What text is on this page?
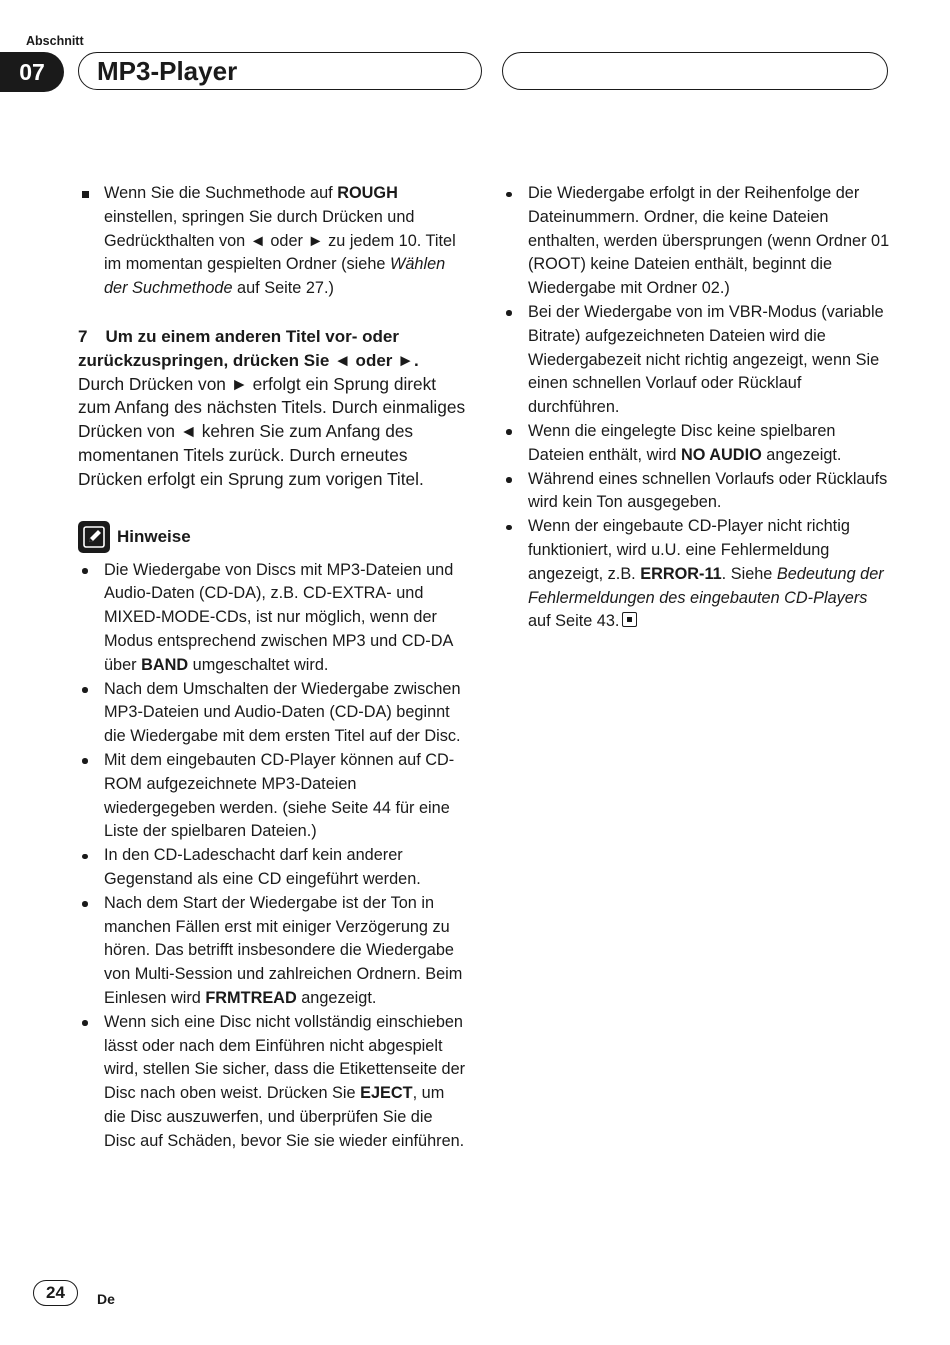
Abschnitt
07	MP3-Player
Wenn Sie die Suchmethode auf ROUGH einstellen, springen Sie durch Drücken und Gedrückthalten von ◄ oder ► zu jedem 10. Titel im momentan gespielten Ordner (siehe Wählen der Suchmethode auf Seite 27.)
7 Um zu einem anderen Titel vor- oder zurückzuspringen, drücken Sie ◄ oder ►.

Durch Drücken von ► erfolgt ein Sprung direkt zum Anfang des nächsten Titels. Durch einmaliges Drücken von ◄ kehren Sie zum Anfang des momentanen Titels zurück. Durch erneutes Drücken erfolgt ein Sprung zum vorigen Titel.

Hinweise
Die Wiedergabe von Discs mit MP3-Dateien und Audio-Daten (CD-DA), z.B. CD-EXTRA- und MIXED-MODE-CDs, ist nur möglich, wenn der Modus entsprechend zwischen MP3 und CD-DA über BAND umgeschaltet wird.
Nach dem Umschalten der Wiedergabe zwischen MP3-Dateien und Audio-Daten (CD-DA) beginnt die Wiedergabe mit dem ersten Titel auf der Disc.
Mit dem eingebauten CD-Player können auf CD-ROM aufgezeichnete MP3-Dateien wiedergegeben werden. (siehe Seite 44 für eine Liste der spielbaren Dateien.)
In den CD-Ladeschacht darf kein anderer Gegenstand als eine CD eingeführt werden.
Nach dem Start der Wiedergabe ist der Ton in manchen Fällen erst mit einiger Verzögerung zu hören. Das betrifft insbesondere die Wiedergabe von Multi-Session und zahlreichen Ordnern. Beim Einlesen wird FRMTREAD angezeigt.
Wenn sich eine Disc nicht vollständig einschieben lässt oder nach dem Einführen nicht abgespielt wird, stellen Sie sicher, dass die Etikettenseite der Disc nach oben weist. Drücken Sie EJECT, um die Disc auszuwerfen, und überprüfen Sie die Disc auf Schäden, bevor Sie sie wieder einführen.
Die Wiedergabe erfolgt in der Reihenfolge der Dateinummern. Ordner, die keine Dateien enthalten, werden übersprungen (wenn Ordner 01 (ROOT) keine Dateien enthält, beginnt die Wiedergabe mit Ordner 02.)
Bei der Wiedergabe von im VBR-Modus (variable Bitrate) aufgezeichneten Dateien wird die Wiedergabezeit nicht richtig angezeigt, wenn Sie einen schnellen Vorlauf oder Rücklauf durchführen.
Wenn die eingelegte Disc keine spielbaren Dateien enthält, wird NO AUDIO angezeigt.
Während eines schnellen Vorlaufs oder Rücklaufs wird kein Ton ausgegeben.
Wenn der eingebaute CD-Player nicht richtig funktioniert, wird u.U. eine Fehlermeldung angezeigt, z.B. ERROR-11. Siehe Bedeutung der Fehlermeldungen des eingebauten CD-Players auf Seite 43.
24	De
